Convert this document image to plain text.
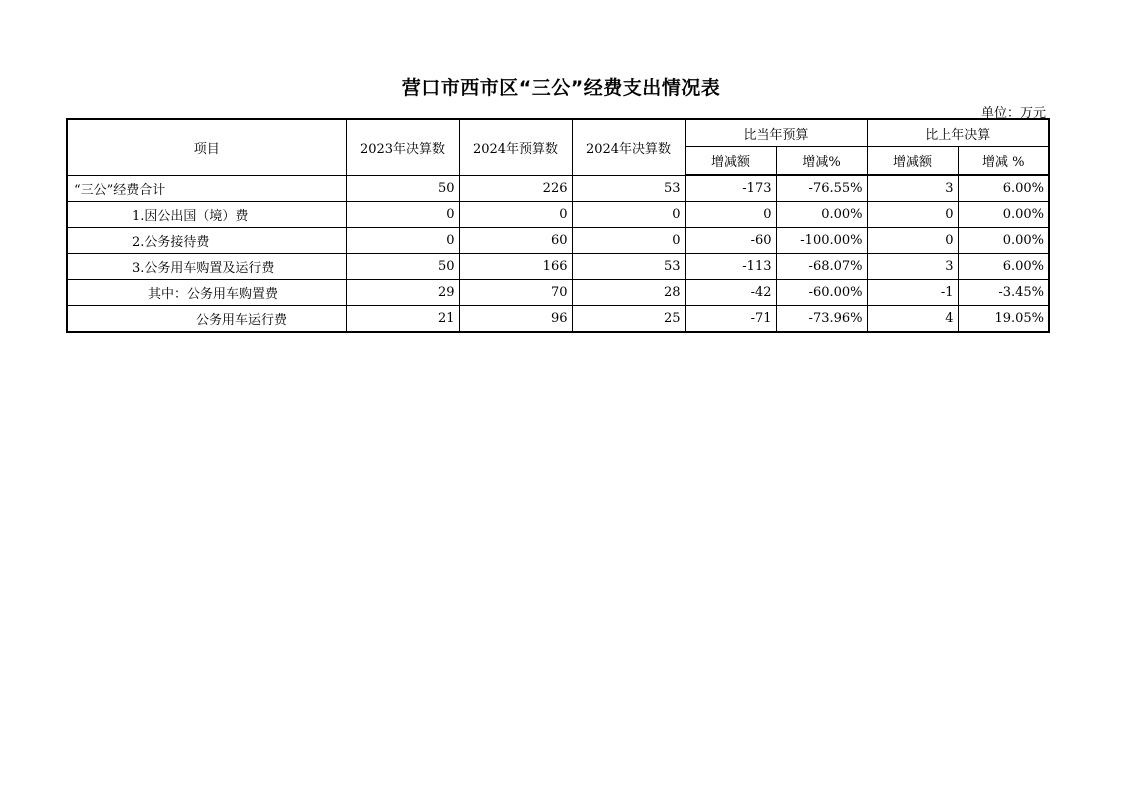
营口市西市区“三公”经费支出情况表
单位：万元
项目	2023年决算数	2024年预算数	2024年决算数	比当年预算		比上年决算	
				增减额	增减%	增减额	增减 %
“三公”经费合计	50	226	53	-173	-76.55%	3	6.00%
1.因公出国（境）费	0	0	0	0	0.00%	0	0.00%
2.公务接待费	0	60	0	-60	-100.00%	0	0.00%
3.公务用车购置及运行费	50	166	53	-113	-68.07%	3	6.00%
其中：公务用车购置费	29	70	28	-42	-60.00%	-1	-3.45%
公务用车运行费	21	96	25	-71	-73.96%	4	19.05%
